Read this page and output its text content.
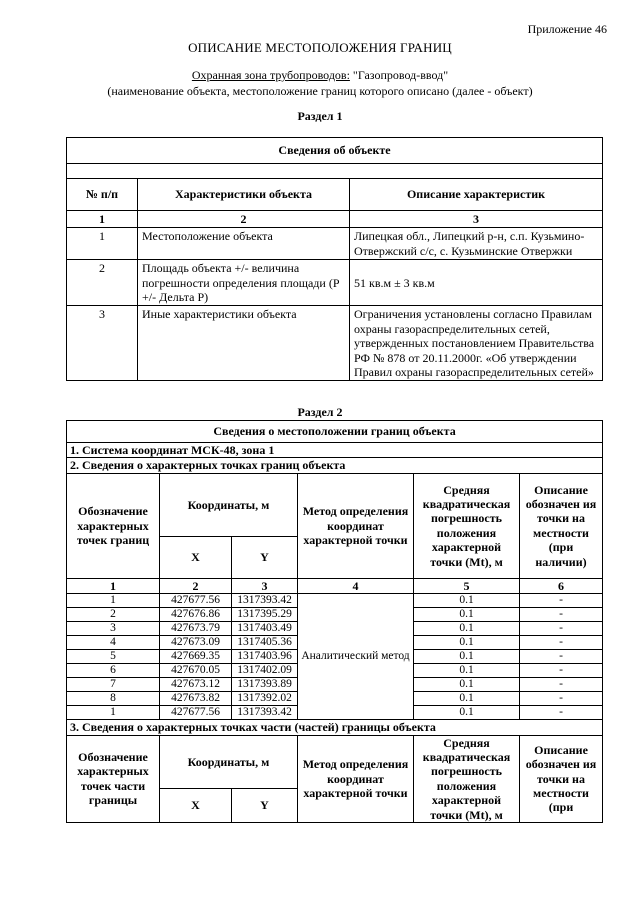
Приложение 46
ОПИСАНИЕ МЕСТОПОЛОЖЕНИЯ ГРАНИЦ
Охранная зона трубопроводов: "Газопровод-ввод"
(наименование объекта, местоположение границ которого описано (далее - объект)
Раздел 1
Сведения об объекте		

№ п/п	Характеристики объекта	Описание характеристик
1	2	3
1	Местоположение объекта	Липецкая обл., Липецкий р-н, с.п. Кузьмино-Отвержский с/с, с. Кузьминские Отвержки
2	Площадь объекта +/- величина погрешности определения площади (P +/- Дельта P)	51 кв.м ± 3 кв.м
3	Иные характеристики объекта	Ограничения установлены согласно Правилам охраны газораспределительных сетей, утвержденных постановлением Правительства РФ № 878 от 20.11.2000г. «Об утверждении Правил охраны газораспределительных сетей»
Раздел 2
Сведения о местоположении границ объекта					
1. Система координат МСК-48, зона 1					
2. Сведения о характерных точках границ объекта					
Обозначение характерных точек границ	Координаты, м		Метод определения координат характерной точки	Средняя квадратическая погрешность положения характерной точки (Mt), м	Описание обозначен ия точки на местности (при наличии)
	X	Y			
1	2	3	4	5	6
1	427677.56	1317393.42	Аналитический метод	0.1	-
2	427676.86	1317395.29		0.1	-
3	427673.79	1317403.49		0.1	-
4	427673.09	1317405.36		0.1	-
5	427669.35	1317403.96		0.1	-
6	427670.05	1317402.09		0.1	-
7	427673.12	1317393.89		0.1	-
8	427673.82	1317392.02		0.1	-
1	427677.56	1317393.42		0.1	-
3. Сведения о характерных точках части (частей) границы объекта					
Обозначение характерных точек части границы	Координаты, м		Метод определения координат характерной точки	Средняя квадратическая погрешность положения характерной точки (Mt), м	Описание обозначен ия точки на местности (при
	X	Y			
